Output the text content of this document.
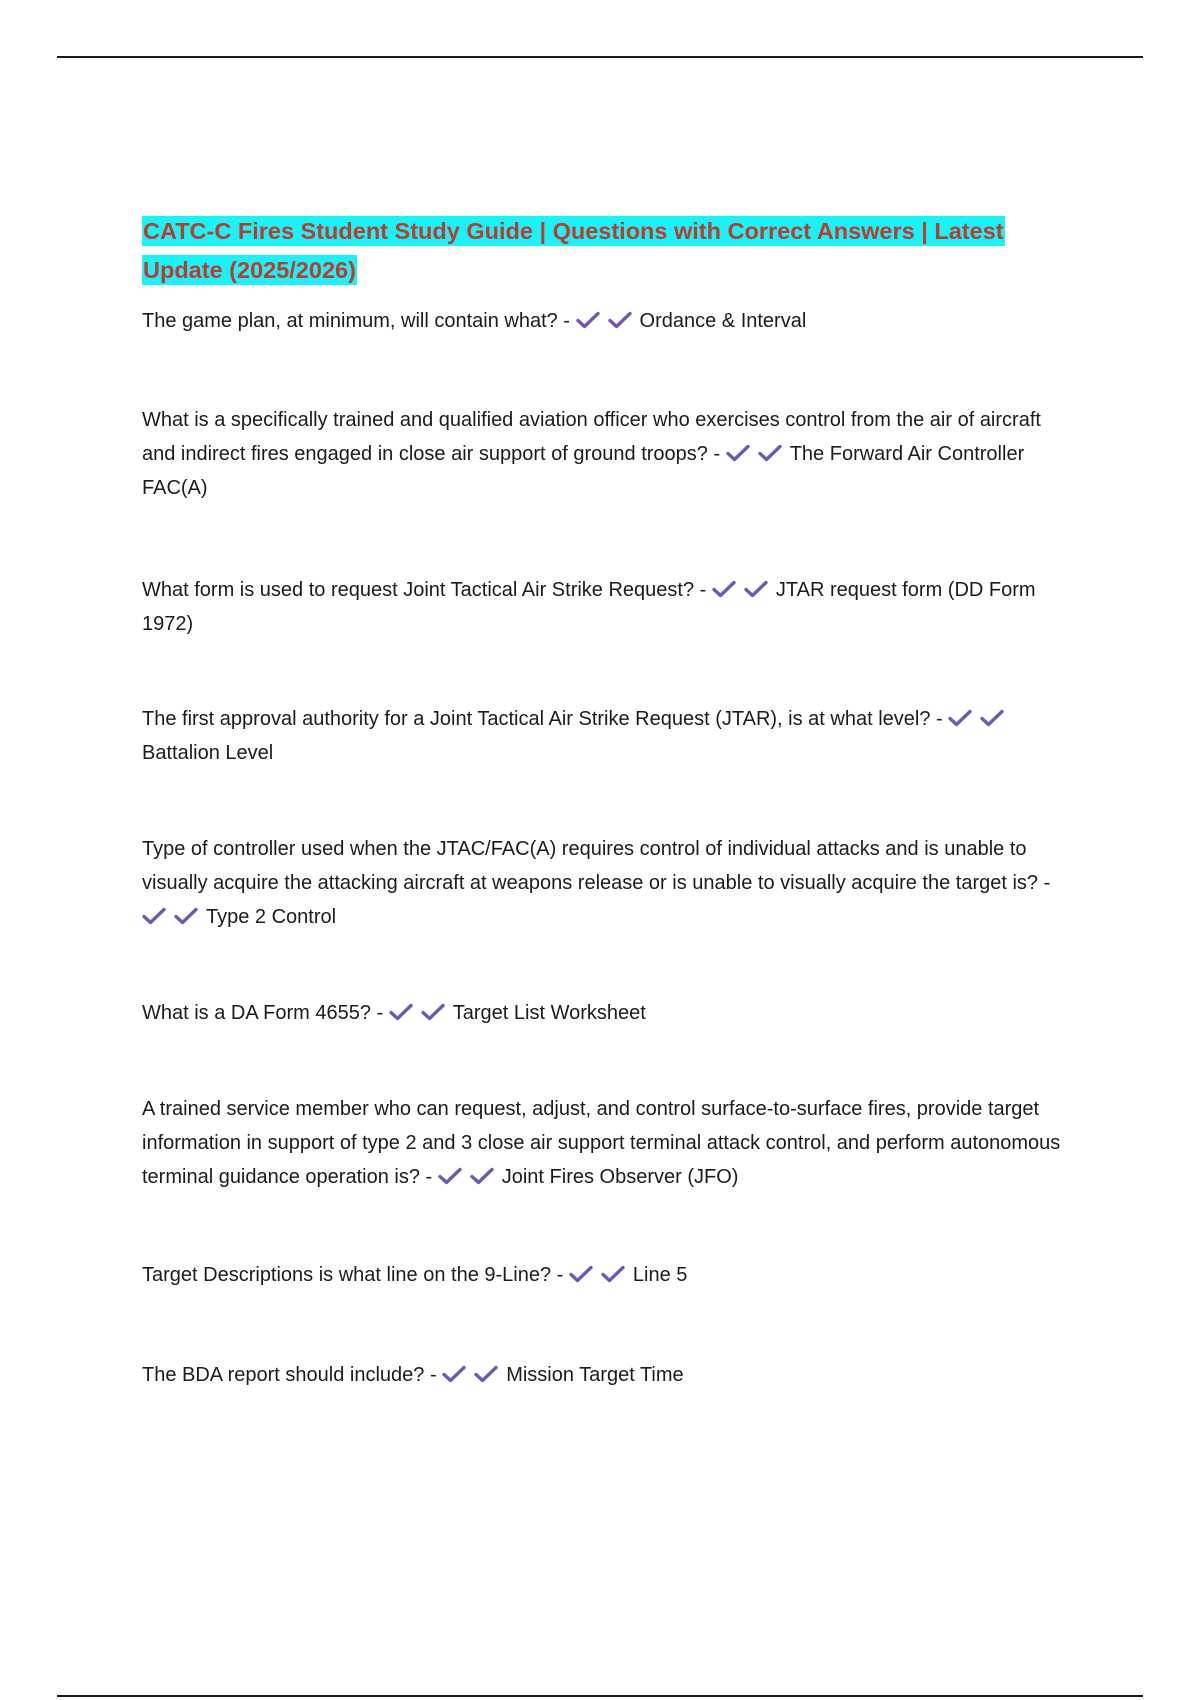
CATC-C Fires Student Study Guide | Questions with Correct Answers | Latest Update (2025/2026)

The game plan, at minimum, will contain what? -	Ordance & Interval

What is a specifically trained and qualified aviation officer who exercises control from the air of aircraft and indirect fires engaged in close air support of ground troops? -	The Forward Air Controller FAC(A)

What form is used to request Joint Tactical Air Strike Request? -	JTAR request form (DD Form 1972)

The first approval authority for a Joint Tactical Air Strike Request (JTAR), is at what level? -
Battalion Level

Type of controller used when the JTAC/FAC(A) requires control of individual attacks and is unable to visually acquire the attacking aircraft at weapons release or is unable to visually acquire the target is? -
Type 2 Control

What is a DA Form 4655? -	Target List Worksheet

A trained service member who can request, adjust, and control surface-to-surface fires, provide target information in support of type 2 and 3 close air support terminal attack control, and perform autonomous terminal guidance operation is? -	Joint Fires Observer (JFO)

Target Descriptions is what line on the 9-Line? -	Line 5

The BDA report should include? -	Mission Target Time
